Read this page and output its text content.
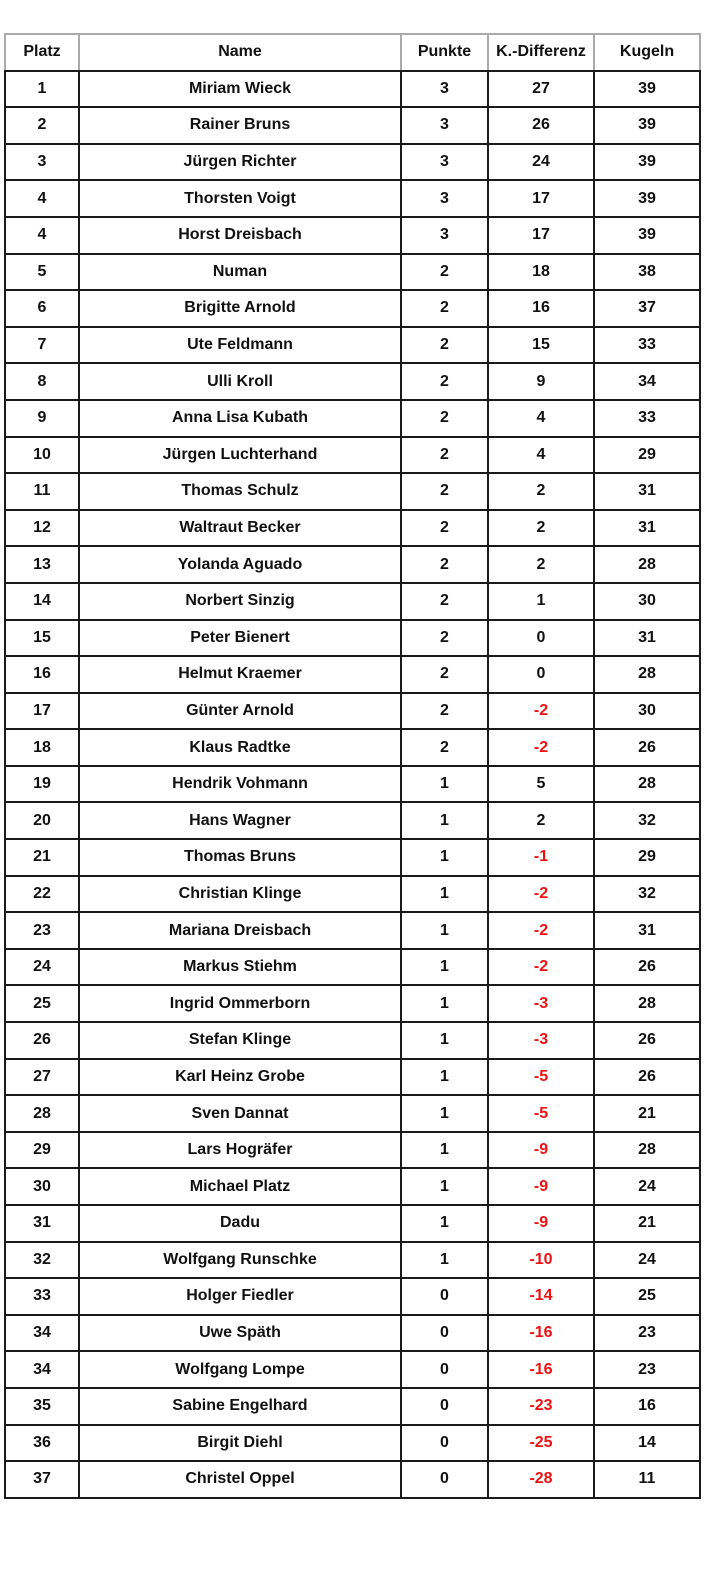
Platz	Name	Punkte	K.-Differenz	Kugeln
1	Miriam Wieck	3	27	39
2	Rainer Bruns	3	26	39
3	Jürgen Richter	3	24	39
4	Thorsten Voigt	3	17	39
4	Horst Dreisbach	3	17	39
5	Numan	2	18	38
6	Brigitte Arnold	2	16	37
7	Ute Feldmann	2	15	33
8	Ulli Kroll	2	9	34
9	Anna Lisa Kubath	2	4	33
10	Jürgen Luchterhand	2	4	29
11	Thomas Schulz	2	2	31
12	Waltraut Becker	2	2	31
13	Yolanda Aguado	2	2	28
14	Norbert Sinzig	2	1	30
15	Peter Bienert	2	0	31
16	Helmut Kraemer	2	0	28
17	Günter Arnold	2	-2	30
18	Klaus Radtke	2	-2	26
19	Hendrik Vohmann	1	5	28
20	Hans Wagner	1	2	32
21	Thomas Bruns	1	-1	29
22	Christian Klinge	1	-2	32
23	Mariana Dreisbach	1	-2	31
24	Markus Stiehm	1	-2	26
25	Ingrid Ommerborn	1	-3	28
26	Stefan Klinge	1	-3	26
27	Karl Heinz Grobe	1	-5	26
28	Sven Dannat	1	-5	21
29	Lars Hogräfer	1	-9	28
30	Michael Platz	1	-9	24
31	Dadu	1	-9	21
32	Wolfgang Runschke	1	-10	24
33	Holger Fiedler	0	-14	25
34	Uwe Späth	0	-16	23
34	Wolfgang Lompe	0	-16	23
35	Sabine Engelhard	0	-23	16
36	Birgit Diehl	0	-25	14
37	Christel Oppel	0	-28	11
